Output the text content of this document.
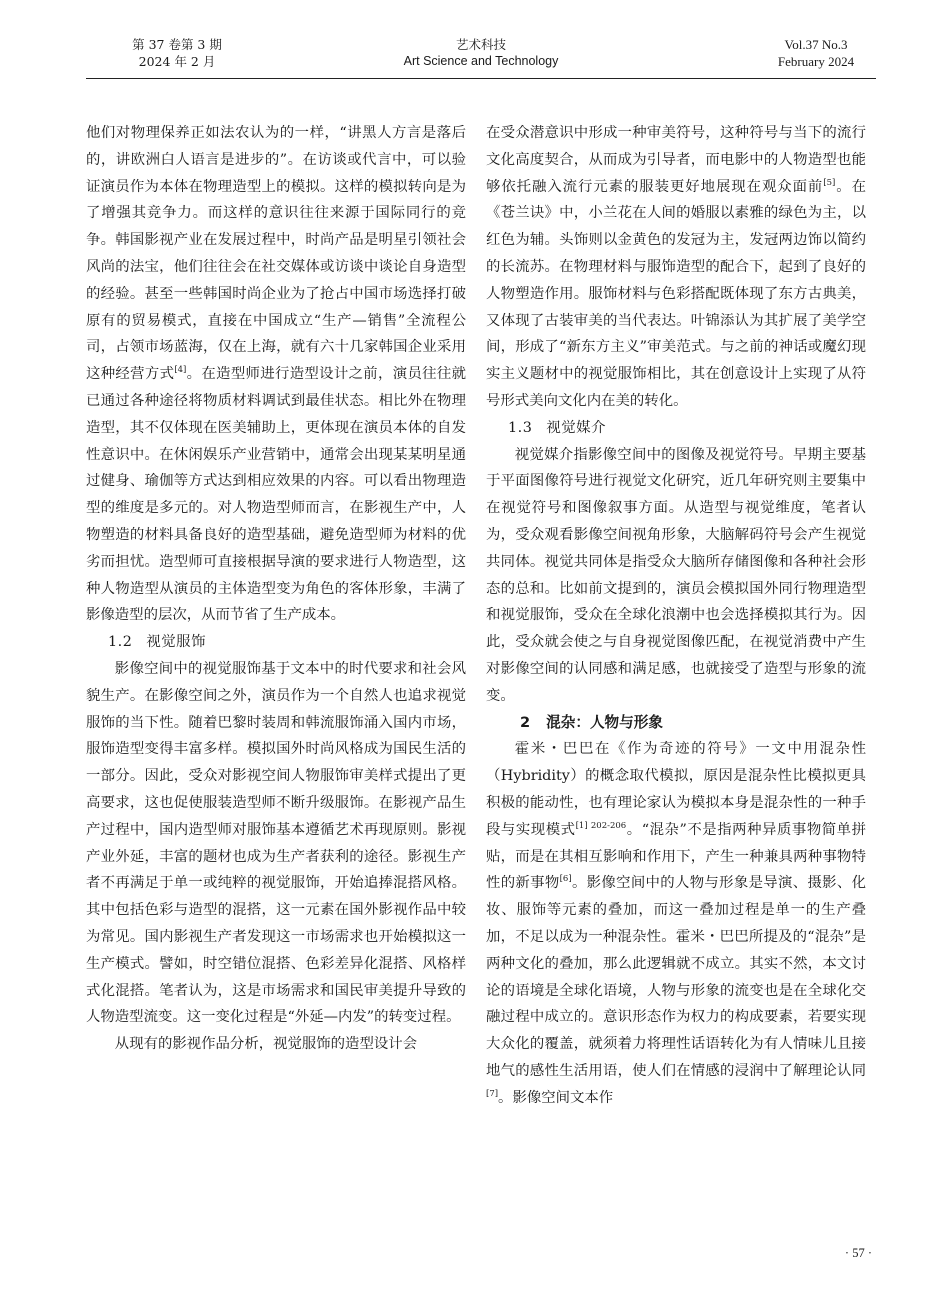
第 37 卷第 3 期
2024 年 2 月
艺术科技
Art Science and Technology
Vol.37 No.3
February 2024

他们对物理保养正如法农认为的一样，“讲黑人方言是落后的，讲欧洲白人语言是进步的”。在访谈或代言中，可以验证演员作为本体在物理造型上的模拟。这样的模拟转向是为了增强其竞争力。而这样的意识往往来源于国际同行的竞争。韩国影视产业在发展过程中，时尚产品是明星引领社会风尚的法宝，他们往往会在社交媒体或访谈中谈论自身造型的经验。甚至一些韩国时尚企业为了抢占中国市场选择打破原有的贸易模式，直接在中国成立“生产—销售”全流程公司，占领市场蓝海，仅在上海，就有六十几家韩国企业采用这种经营方式[4]。在造型师进行造型设计之前，演员往往就已通过各种途径将物质材料调试到最佳状态。相比外在物理造型，其不仅体现在医美辅助上，更体现在演员本体的自发性意识中。在休闲娱乐产业营销中，通常会出现某某明星通过健身、瑜伽等方式达到相应效果的内容。可以看出物理造型的维度是多元的。对人物造型师而言，在影视生产中，人物塑造的材料具备良好的造型基础，避免造型师为材料的优劣而担忧。造型师可直接根据导演的要求进行人物造型，这种人物造型从演员的主体造型变为角色的客体形象，丰满了影像造型的层次，从而节省了生产成本。

1.2 视觉服饰

影像空间中的视觉服饰基于文本中的时代要求和社会风貌生产。在影像空间之外，演员作为一个自然人也追求视觉服饰的当下性。随着巴黎时装周和韩流服饰涌入国内市场，服饰造型变得丰富多样。模拟国外时尚风格成为国民生活的一部分。因此，受众对影视空间人物服饰审美样式提出了更高要求，这也促使服装造型师不断升级服饰。在影视产品生产过程中，国内造型师对服饰基本遵循艺术再现原则。影视产业外延，丰富的题材也成为生产者获利的途径。影视生产者不再满足于单一或纯粹的视觉服饰，开始追捧混搭风格。其中包括色彩与造型的混搭，这一元素在国外影视作品中较为常见。国内影视生产者发现这一市场需求也开始模拟这一生产模式。譬如，时空错位混搭、色彩差异化混搭、风格样式化混搭。笔者认为，这是市场需求和国民审美提升导致的人物造型流变。这一变化过程是“外延—内发”的转变过程。

从现有的影视作品分析，视觉服饰的造型设计会

在受众潜意识中形成一种审美符号，这种符号与当下的流行文化高度契合，从而成为引导者，而电影中的人物造型也能够依托融入流行元素的服装更好地展现在观众面前[5]。在《苍兰诀》中，小兰花在人间的婚服以素雅的绿色为主，以红色为辅。头饰则以金黄色的发冠为主，发冠两边饰以简约的长流苏。在物理材料与服饰造型的配合下，起到了良好的人物塑造作用。服饰材料与色彩搭配既体现了东方古典美，又体现了古装审美的当代表达。叶锦添认为其扩展了美学空间，形成了“新东方主义”审美范式。与之前的神话或魔幻现实主义题材中的视觉服饰相比，其在创意设计上实现了从符号形式美向文化内在美的转化。

1.3 视觉媒介

视觉媒介指影像空间中的图像及视觉符号。早期主要基于平面图像符号进行视觉文化研究，近几年研究则主要集中在视觉符号和图像叙事方面。从造型与视觉维度，笔者认为，受众观看影像空间视角形象，大脑解码符号会产生视觉共同体。视觉共同体是指受众大脑所存储图像和各种社会形态的总和。比如前文提到的，演员会模拟国外同行物理造型和视觉服饰，受众在全球化浪潮中也会选择模拟其行为。因此，受众就会使之与自身视觉图像匹配，在视觉消费中产生对影像空间的认同感和满足感，也就接受了造型与形象的流变。

2 混杂：人物与形象

霍米・巴巴在《作为奇迹的符号》一文中用混杂性（Hybridity）的概念取代模拟，原因是混杂性比模拟更具积极的能动性，也有理论家认为模拟本身是混杂性的一种手段与实现模式$^{[1] 202-206}$。“混杂”不是指两种异质事物简单拼贴，而是在其相互影响和作用下，产生一种兼具两种事物特性的新事物[6]。影像空间中的人物与形象是导演、摄影、化妆、服饰等元素的叠加，而这一叠加过程是单一的生产叠加，不足以成为一种混杂性。霍米・巴巴所提及的“混杂”是两种文化的叠加，那么此逻辑就不成立。其实不然，本文讨论的语境是全球化语境，人物与形象的流变也是在全球化交融过程中成立的。意识形态作为权力的构成要素，若要实现大众化的覆盖，就须着力将理性话语转化为有人情味儿且接地气的感性生活用语，使人们在情感的浸润中了解理论认同[7]。影像空间文本作

· 57 ·
